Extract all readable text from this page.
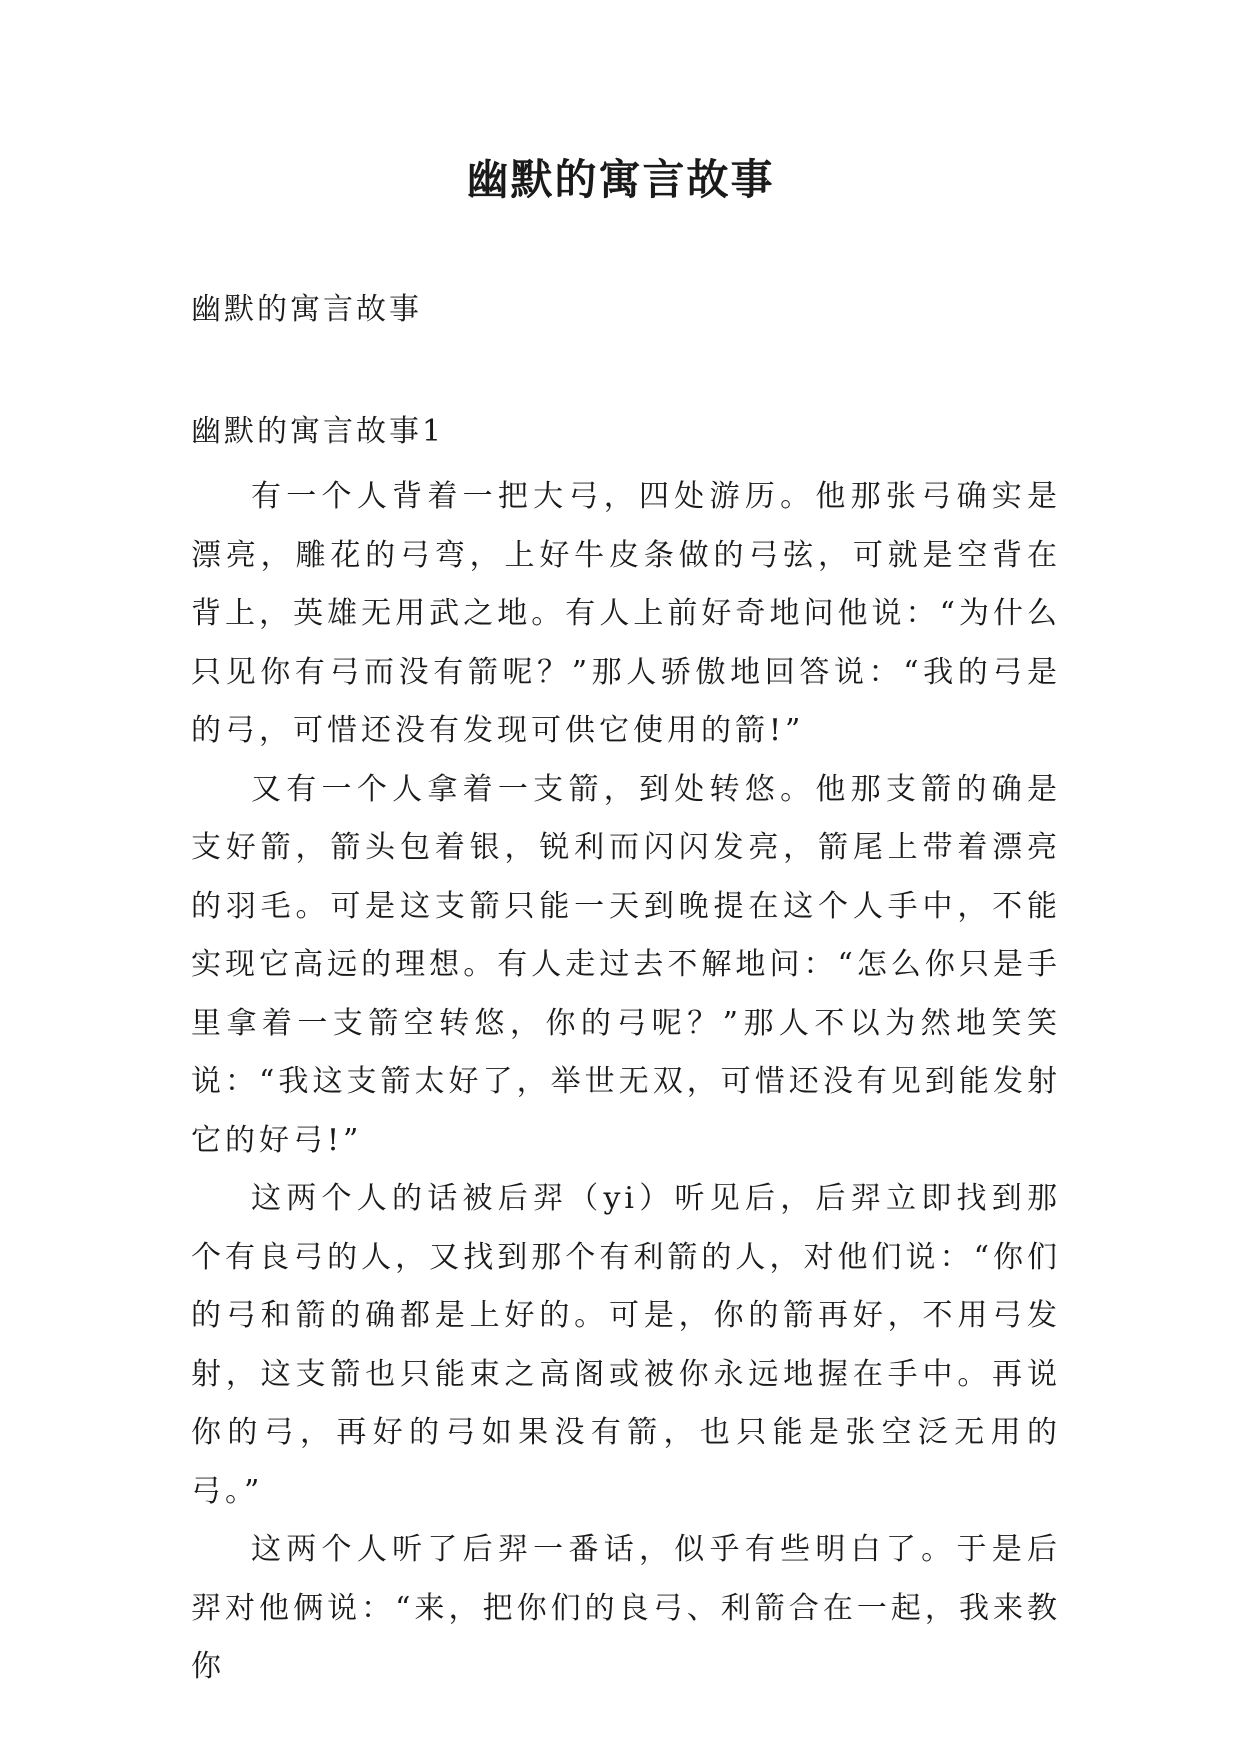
幽默的寓言故事

幽默的寓言故事

幽默的寓言故事1

有一个人背着一把大弓，四处游历。他那张弓确实是漂亮，雕花的弓弯，上好牛皮条做的弓弦，可就是空背在背上，英雄无用武之地。有人上前好奇地问他说：“为什么只见你有弓而没有箭呢？”那人骄傲地回答说：“我的弓是的弓，可惜还没有发现可供它使用的箭!”

又有一个人拿着一支箭，到处转悠。他那支箭的确是支好箭，箭头包着银，锐利而闪闪发亮，箭尾上带着漂亮的羽毛。可是这支箭只能一天到晚提在这个人手中，不能实现它高远的理想。有人走过去不解地问：“怎么你只是手里拿着一支箭空转悠，你的弓呢？”那人不以为然地笑笑说：“我这支箭太好了，举世无双，可惜还没有见到能发射它的好弓!”

这两个人的话被后羿（yi）听见后，后羿立即找到那个有良弓的人，又找到那个有利箭的人，对他们说：“你们的弓和箭的确都是上好的。可是，你的箭再好，不用弓发射，这支箭也只能束之高阁或被你永远地握在手中。再说你的弓，再好的弓如果没有箭，也只能是张空泛无用的弓。”

这两个人听了后羿一番话，似乎有些明白了。于是后羿对他俩说：“来，把你们的良弓、利箭合在一起，我来教你
